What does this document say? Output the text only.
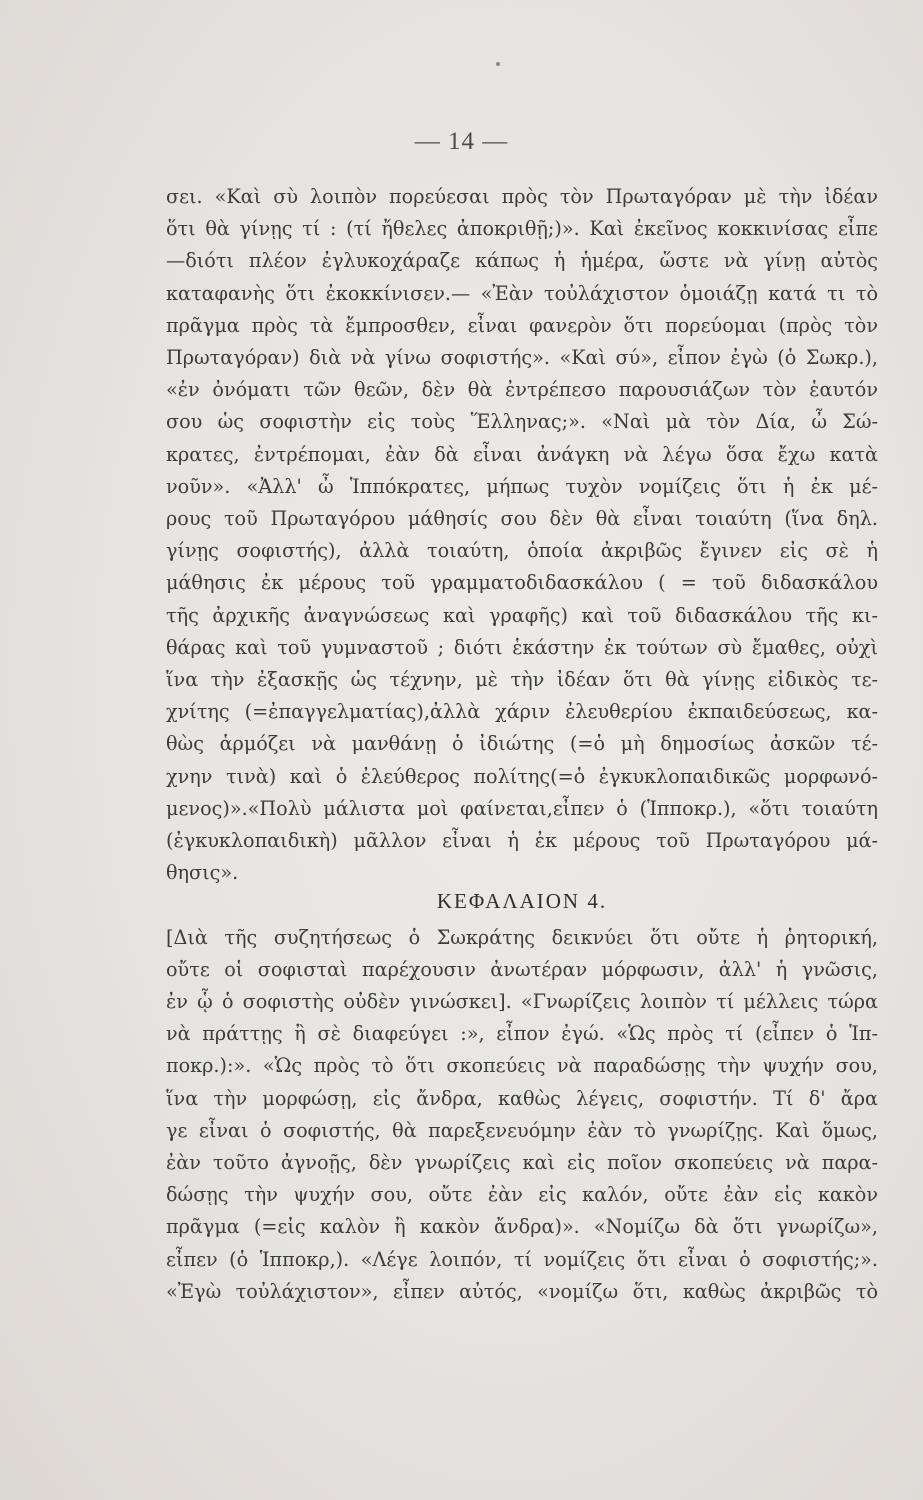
— 14 —
σει. «Καὶ σὺ λοιπὸν πορεύεσαι πρὸς τὸν Πρωταγόραν μὲ τὴν ἰδέαν
ὅτι θὰ γίνῃς τί : (τί ἤθελες ἀποκριθῇ;)». Καὶ ἐκεῖνος κοκκινίσας εἶπε
—διότι πλέον ἐγλυκοχάραζε κάπως ἡ ἡμέρα, ὥστε νὰ γίνῃ αὐτὸς
καταφανὴς ὅτι ἐκοκκίνισεν.— «Ἐὰν τοὐλάχιστον ὁμοιάζῃ κατά τι τὸ
πρᾶγμα πρὸς τὰ ἔμπροσθεν, εἶναι φανερὸν ὅτι πορεύομαι (πρὸς τὸν
Πρωταγόραν) διὰ νὰ γίνω σοφιστής». «Καὶ σύ», εἶπον ἐγὼ (ὁ Σωκρ.),
«ἐν ὀνόματι τῶν θεῶν, δὲν θὰ ἐντρέπεσο παρουσιάζων τὸν ἑαυτόν
σου ὡς σοφιστὴν εἰς τοὺς Ἕλληνας;». «Ναὶ μὰ τὸν Δία, ὦ Σώ-
κρατες, ἐντρέπομαι, ἐὰν δὰ εἶναι ἀνάγκη νὰ λέγω ὅσα ἔχω κατὰ
νοῦν». «Ἀλλ' ὦ Ἱππόκρατες, μήπως τυχὸν νομίζεις ὅτι ἡ ἐκ μέ-
ρους τοῦ Πρωταγόρου μάθησίς σου δὲν θὰ εἶναι τοιαύτη (ἵνα δηλ.
γίνῃς σοφιστής), ἀλλὰ τοιαύτη, ὁποία ἀκριβῶς ἔγινεν εἰς σὲ ἡ
μάθησις ἐκ μέρους τοῦ γραμματοδιδασκάλου ( = τοῦ διδασκάλου
τῆς ἀρχικῆς ἀναγνώσεως καὶ γραφῆς) καὶ τοῦ διδασκάλου τῆς κι-
θάρας καὶ τοῦ γυμναστοῦ ; διότι ἑκάστην ἐκ τούτων σὺ ἔμαθες, οὐχὶ
ἵνα τὴν ἐξασκῇς ὡς τέχνην, μὲ τὴν ἰδέαν ὅτι θὰ γίνῃς εἰδικὸς τε-
χνίτης (=ἐπαγγελματίας),ἀλλὰ χάριν ἐλευθερίου ἐκπαιδεύσεως, κα-
θὼς ἁρμόζει νὰ μανθάνῃ ὁ ἰδιώτης (=ὁ μὴ δημοσίως ἀσκῶν τέ-
χνην τινὰ) καὶ ὁ ἐλεύθερος πολίτης(=ὁ ἐγκυκλοπαιδικῶς μορφωνό-
μενος)».«Πολὺ μάλιστα μοὶ φαίνεται,εἶπεν ὁ (Ἱπποκρ.), «ὅτι τοιαύτη
(ἐγκυκλοπαιδικὴ) μᾶλλον εἶναι ἡ ἐκ μέρους τοῦ Πρωταγόρου μά-
θησις».
ΚΕΦΑΛΑΙΟΝ 4.
[Διὰ τῆς συζητήσεως ὁ Σωκράτης δεικνύει ὅτι οὔτε ἡ ῥητορική,
οὔτε οἱ σοφισταὶ παρέχουσιν ἀνωτέραν μόρφωσιν, ἀλλ' ἡ γνῶσις,
ἐν ᾧ ὁ σοφιστὴς οὐδὲν γινώσκει]. «Γνωρίζεις λοιπὸν τί μέλλεις τώρα
νὰ πράττῃς ἢ σὲ διαφεύγει :», εἶπον ἐγώ. «Ὡς πρὸς τί (εἶπεν ὁ Ἱπ-
ποκρ.):». «Ὡς πρὸς τὸ ὅτι σκοπεύεις νὰ παραδώσῃς τὴν ψυχήν σου,
ἵνα τὴν μορφώσῃ, εἰς ἄνδρα, καθὼς λέγεις, σοφιστήν. Τί δ' ἄρα
γε εἶναι ὁ σοφιστής, θὰ παρεξενευόμην ἐὰν τὸ γνωρίζῃς. Καὶ ὅμως,
ἐὰν τοῦτο ἀγνοῇς, δὲν γνωρίζεις καὶ εἰς ποῖον σκοπεύεις νὰ παρα-
δώσῃς τὴν ψυχήν σου, οὔτε ἐὰν εἰς καλόν, οὔτε ἐὰν εἰς κακὸν
πρᾶγμα (=εἰς καλὸν ἢ κακὸν ἄνδρα)». «Νομίζω δὰ ὅτι γνωρίζω»,
εἶπεν (ὁ Ἱπποκρ,). «Λέγε λοιπόν, τί νομίζεις ὅτι εἶναι ὁ σοφιστής;».
«Ἐγὼ τοὐλάχιστον», εἶπεν αὐτός, «νομίζω ὅτι, καθὼς ἀκριβῶς τὸ
